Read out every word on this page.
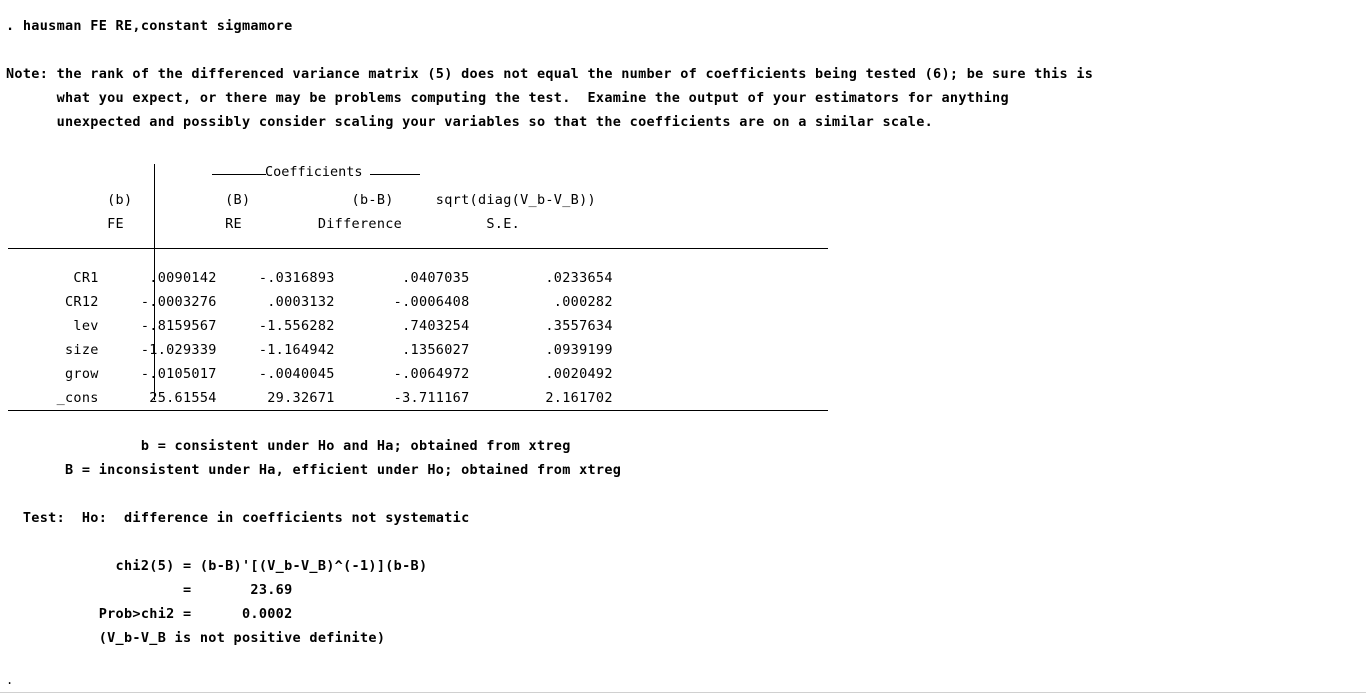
. hausman FE RE,constant sigmamore
Note: the rank of the differenced variance matrix (5) does not equal the number of coefficients being tested (6); be sure this is
what you expect, or there may be problems computing the test.  Examine the output of your estimators for anything
unexpected and possibly consider scaling your variables so that the coefficients are on a similar scale.
Coefficients
(b)           (B)            (b-B)     sqrt(diag(V_b-V_B))
FE            RE         Difference          S.E.
CR1      .0090142     -.0316893        .0407035         .0233654
CR12     -.0003276      .0003132       -.0006408          .000282
lev     -.8159567     -1.556282        .7403254         .3557634
size     -1.029339     -1.164942        .1356027         .0939199
grow     -.0105017     -.0040045       -.0064972         .0020492
_cons      25.61554      29.32671       -3.711167         2.161702
b = consistent under Ho and Ha; obtained from xtreg
B = inconsistent under Ha, efficient under Ho; obtained from xtreg
Test:  Ho:  difference in coefficients not systematic
chi2(5) = (b-B)'[(V_b-V_B)^(-1)](b-B)
=       23.69
Prob>chi2 =      0.0002
(V_b-V_B is not positive definite)
.
